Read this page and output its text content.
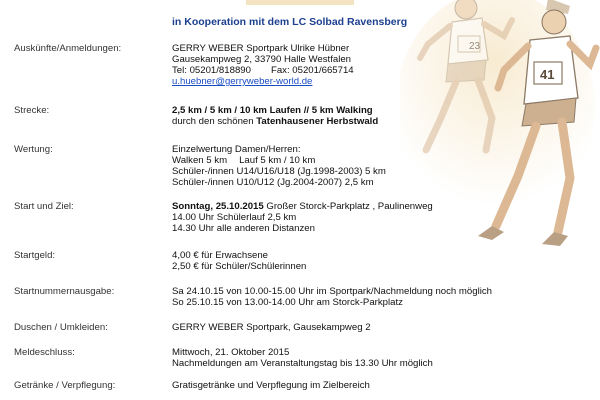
23
41
in Kooperation mit dem LC Solbad Ravensberg
Auskünfte/Anmeldungen:	GERRY WEBER Sportpark Ulrike Hübner
Gausekampweg 2, 33790 Halle Westfalen
Tel: 05201/818890 Fax: 05201/665714
u.huebner@gerryweber-world.de
Strecke:	2,5 km / 5 km / 10 km Laufen // 5 km Walking
durch den schönen Tatenhausener Herbstwald
Wertung:	Einzelwertung Damen/Herren:
Walken 5 km Lauf 5 km / 10 km
Schüler-/innen U14/U16/U18 (Jg.1998-2003) 5 km
Schüler-/innen U10/U12 (Jg.2004-2007) 2,5 km
Start und Ziel:	Sonntag, 25.10.2015 Großer Storck-Parkplatz , Paulinenweg
14.00 Uhr Schülerlauf 2,5 km
14.30 Uhr alle anderen Distanzen
Startgeld:	4,00 € für Erwachsene
2,50 € für Schüler/Schülerinnen
Startnummernausgabe:	Sa 24.10.15 von 10.00-15.00 Uhr im Sportpark/Nachmeldung noch möglich
So 25.10.15 von 13.00-14.00 Uhr am Storck-Parkplatz
Duschen / Umkleiden:	GERRY WEBER Sportpark, Gausekampweg 2
Meldeschluss:	Mittwoch, 21. Oktober 2015
Nachmeldungen am Veranstaltungstag bis 13.30 Uhr möglich
Getränke / Verpflegung:	Gratisgetränke und Verpflegung im Zielbereich
